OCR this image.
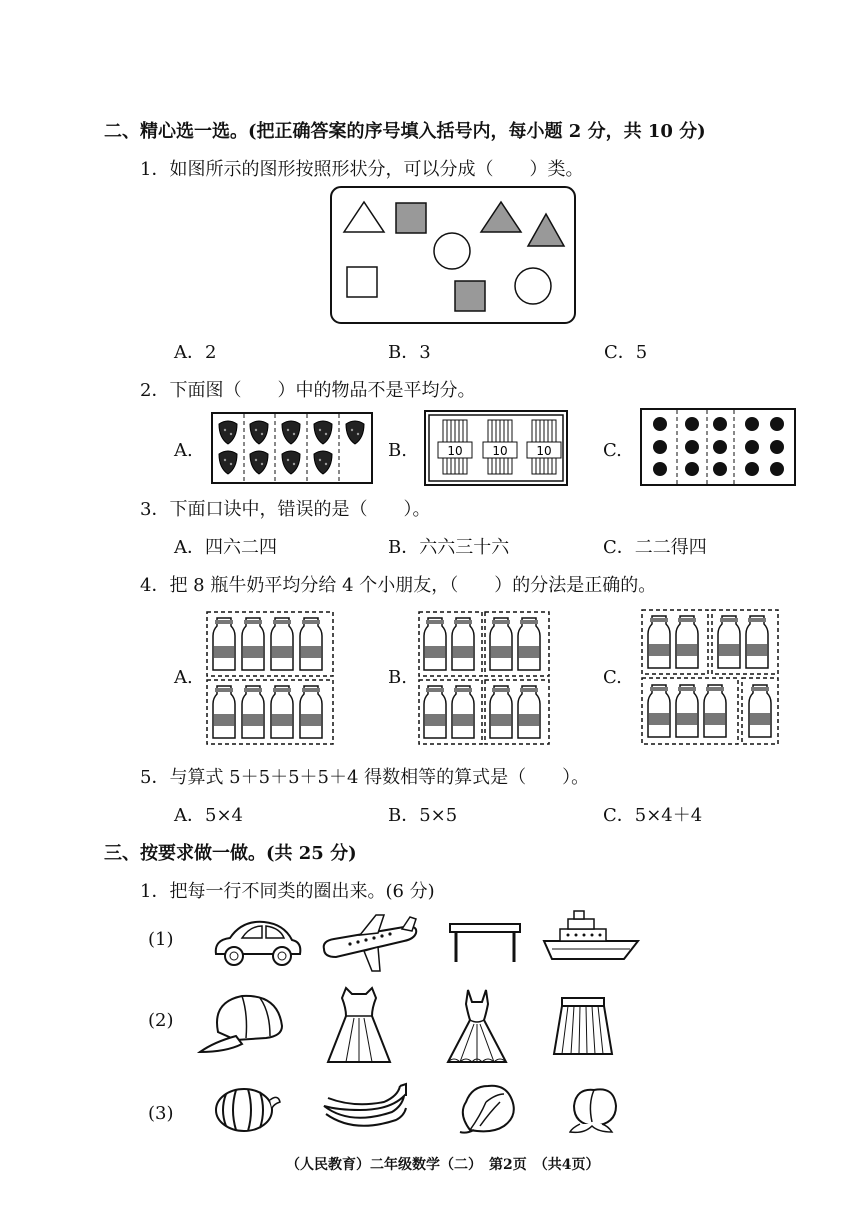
二、精心选一选。(把正确答案的序号填入括号内，每小题 2 分，共 10 分)
1．如图所示的图形按照形状分，可以分成（　　）类。
A．2	B．3	C．5
2．下面图（　　）中的物品不是平均分。
A.	B.	C.
10 10 10
3．下面口诀中，错误的是（　　）。
A．四六二四	B．六六三十六	C．二二得四
4．把 8 瓶牛奶平均分给 4 个小朋友，（　　）的分法是正确的。
A.	B.	C.
5．与算式 5＋5＋5＋5＋4 得数相等的算式是（　　）。
A．5×4	B．5×5	C．5×4＋4
三、按要求做一做。(共 25 分)
1．把每一行不同类的圈出来。(6 分)
(1)
(2)
(3)
（人民教育）二年级数学（二）　第2页　（共4页）
